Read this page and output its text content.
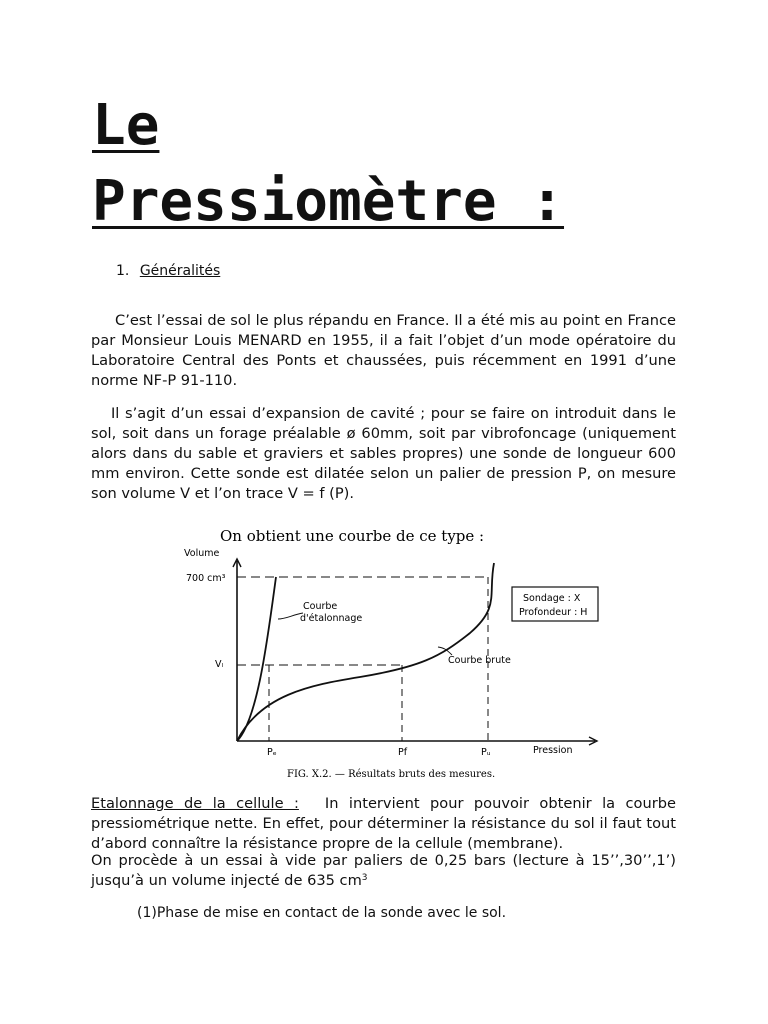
Le
Pressiomètre :
1. Généralités

C’est l’essai de sol le plus répandu en France. Il a été mis au point en France par Monsieur Louis MENARD en 1955, il a fait l’objet d’un mode opératoire du Laboratoire Central des Ponts et chaussées, puis récemment en 1991 d’une norme NF-P 91-110.

Il s’agit d’un essai d’expansion de cavité ; pour se faire on introduit dans le sol, soit dans un forage préalable ø 60mm, soit par vibrofoncage (uniquement alors dans du sable et graviers et sables propres) une sonde de longueur 600 mm environ. Cette sonde est dilatée selon un palier de pression P, on mesure son volume V et l’on trace V = f (P).

On obtient une courbe de ce type :
Volume
Pression
700 cm³
Vₗ
Courbe
d'étalonnage
Courbe brute
Sondage : X
Profondeur : H
Pₑ	Pf	Pᵤ
FIG. X.2. — Résultats bruts des mesures.

Etalonnage de la cellule : In intervient pour pouvoir obtenir la courbe pressiométrique nette. En effet, pour déterminer la résistance du sol il faut tout d’abord connaître la résistance propre de la cellule (membrane).

On procède à un essai à vide par paliers de 0,25 bars (lecture à 15’’,30’’,1’) jusqu’à un volume injecté de 635 $cm^3$

(1)Phase de mise en contact de la sonde avec le sol.
